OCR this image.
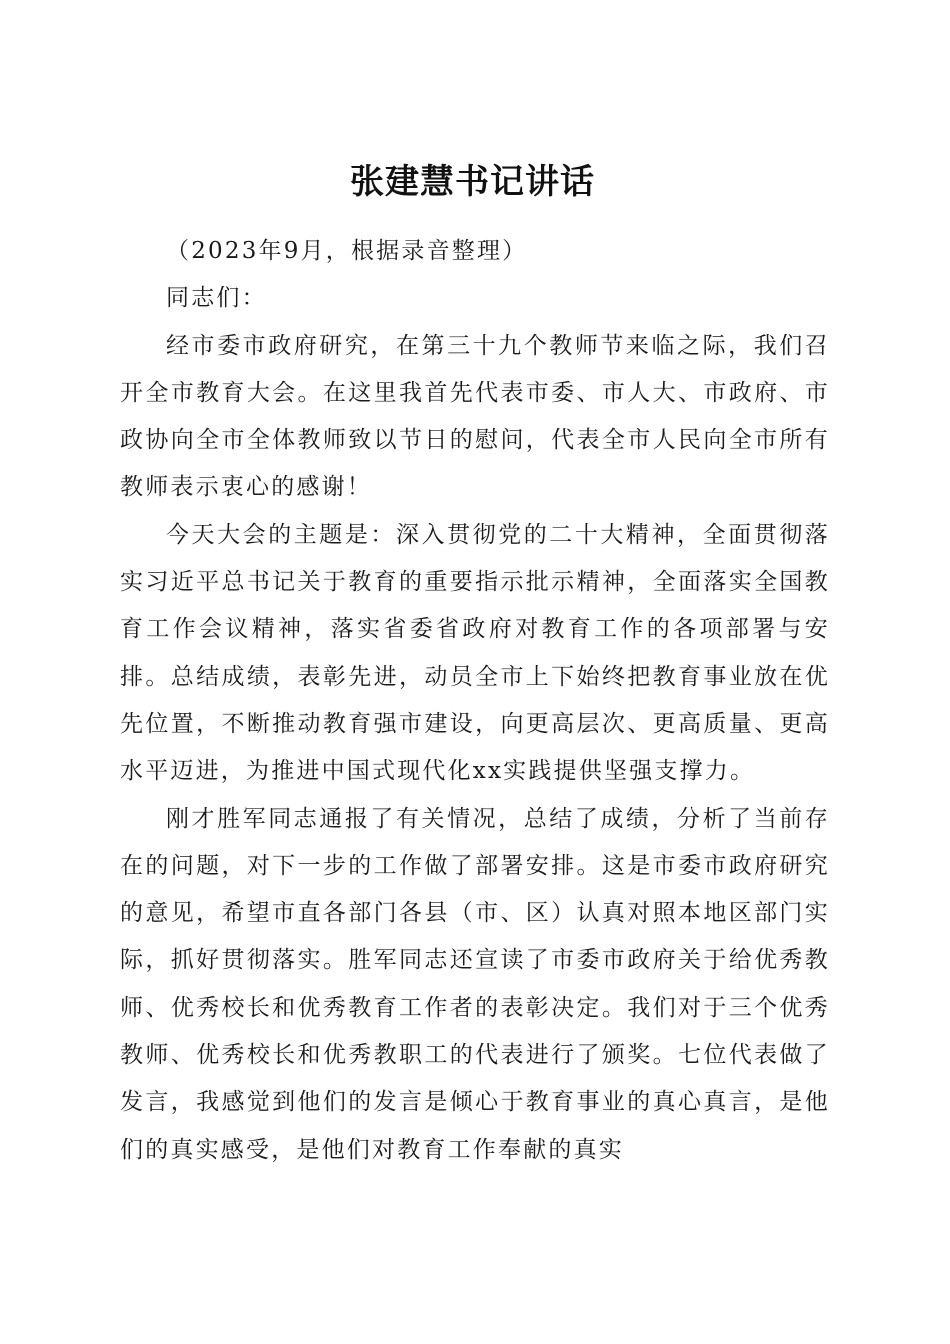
张建慧书记讲话

（2023年9月，根据录音整理）

同志们：

经市委市政府研究，在第三十九个教师节来临之际，我们召开全市教育大会。在这里我首先代表市委、市人大、市政府、市政协向全市全体教师致以节日的慰问，代表全市人民向全市所有教师表示衷心的感谢！

今天大会的主题是：深入贯彻党的二十大精神，全面贯彻落实习近平总书记关于教育的重要指示批示精神，全面落实全国教育工作会议精神，落实省委省政府对教育工作的各项部署与安排。总结成绩，表彰先进，动员全市上下始终把教育事业放在优先位置，不断推动教育强市建设，向更高层次、更高质量、更高水平迈进，为推进中国式现代化xx实践提供坚强支撑力。

刚才胜军同志通报了有关情况，总结了成绩，分析了当前存在的问题，对下一步的工作做了部署安排。这是市委市政府研究的意见，希望市直各部门各县（市、区）认真对照本地区部门实际，抓好贯彻落实。胜军同志还宣读了市委市政府关于给优秀教师、优秀校长和优秀教育工作者的表彰决定。我们对于三个优秀教师、优秀校长和优秀教职工的代表进行了颁奖。七位代表做了发言，我感觉到他们的发言是倾心于教育事业的真心真言，是他们的真实感受，是他们对教育工作奉献的真实
